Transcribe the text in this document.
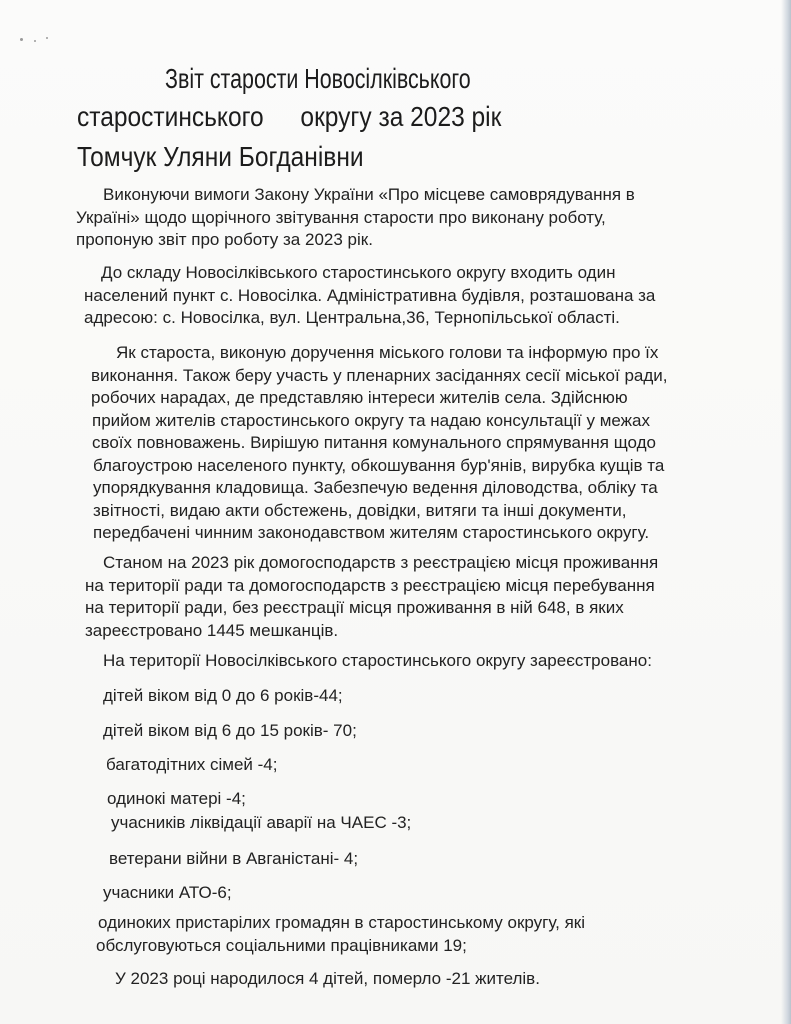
Звіт старости Новосілківського
старостинського округу за 2023 рік
Томчук Уляни Богданівни
Виконуючи вимоги Закону України «Про місцеве самоврядування в
Україні» щодо щорічного звітування старости про виконану роботу,
пропоную звіт про роботу за 2023 рік.
До складу Новосілківського старостинського округу входить один
населений пункт с. Новосілка. Адміністративна будівля, розташована за
адресою: с. Новосілка, вул. Центральна,36, Тернопільської області.
Як староста, виконую доручення міського голови та інформую про їх
виконання. Також беру участь у пленарних засіданнях сесії міської ради,
робочих нарадах, де представляю інтереси жителів села. Здійснюю
прийом жителів старостинського округу та надаю консультації у межах
своїх повноважень. Вирішую питання комунального спрямування щодо
благоустрою населеного пункту, обкошування бур'янів, вирубка кущів та
упорядкування кладовища. Забезпечую ведення діловодства, обліку та
звітності, видаю акти обстежень, довідки, витяги та інші документи,
передбачені чинним законодавством жителям старостинського округу.
Станом на 2023 рік домогосподарств з реєстрацією місця проживання
на території ради та домогосподарств з реєстрацією місця перебування
на території ради, без реєстрації місця проживання в ній 648, в яких
зареєстровано 1445 мешканців.
На території Новосілківського старостинського округу зареєстровано:
дітей віком від 0 до 6 років-44;
дітей віком від 6 до 15 років- 70;
багатодітних сімей -4;
одинокі матері -4;
учасників ліквідації аварії на ЧАЕС -3;
ветерани війни в Авганістані- 4;
учасники АТО-6;
одиноких пристарілих громадян в старостинському округу, які
обслуговуються соціальними працівниками 19;
У 2023 році народилося 4 дітей, померло -21 жителів.
